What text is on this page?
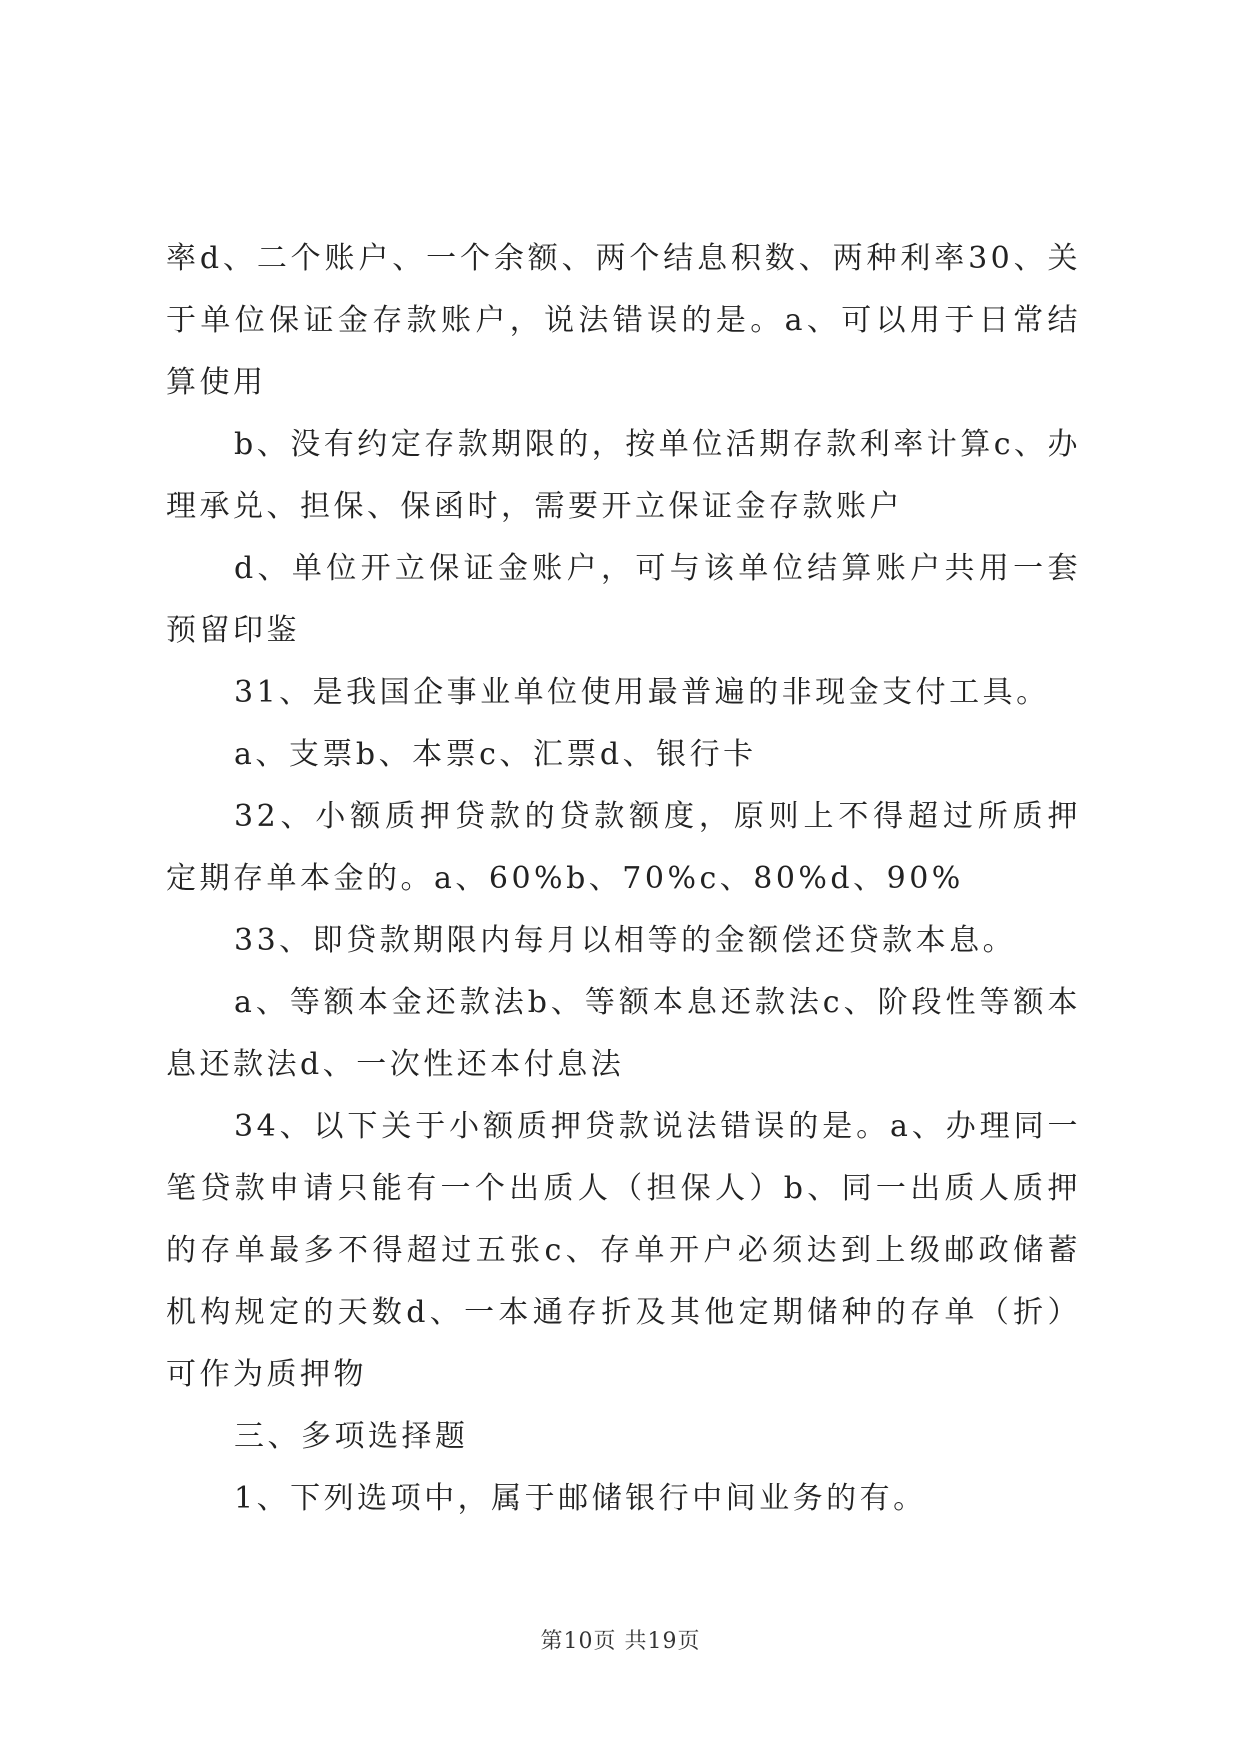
率d、二个账户、一个余额、两个结息积数、两种利率30、关于单位保证金存款账户，说法错误的是。a、可以用于日常结算使用

b、没有约定存款期限的，按单位活期存款利率计算c、办理承兑、担保、保函时，需要开立保证金存款账户

d、单位开立保证金账户，可与该单位结算账户共用一套预留印鉴

31、是我国企事业单位使用最普遍的非现金支付工具。

a、支票b、本票c、汇票d、银行卡

32、小额质押贷款的贷款额度，原则上不得超过所质押定期存单本金的。a、60%b、70%c、80%d、90%

33、即贷款期限内每月以相等的金额偿还贷款本息。

a、等额本金还款法b、等额本息还款法c、阶段性等额本息还款法d、一次性还本付息法

34、以下关于小额质押贷款说法错误的是。a、办理同一笔贷款申请只能有一个出质人（担保人）b、同一出质人质押的存单最多不得超过五张c、存单开户必须达到上级邮政储蓄机构规定的天数d、一本通存折及其他定期储种的存单（折）可作为质押物

三、多项选择题

1、下列选项中，属于邮储银行中间业务的有。

第10页 共19页
